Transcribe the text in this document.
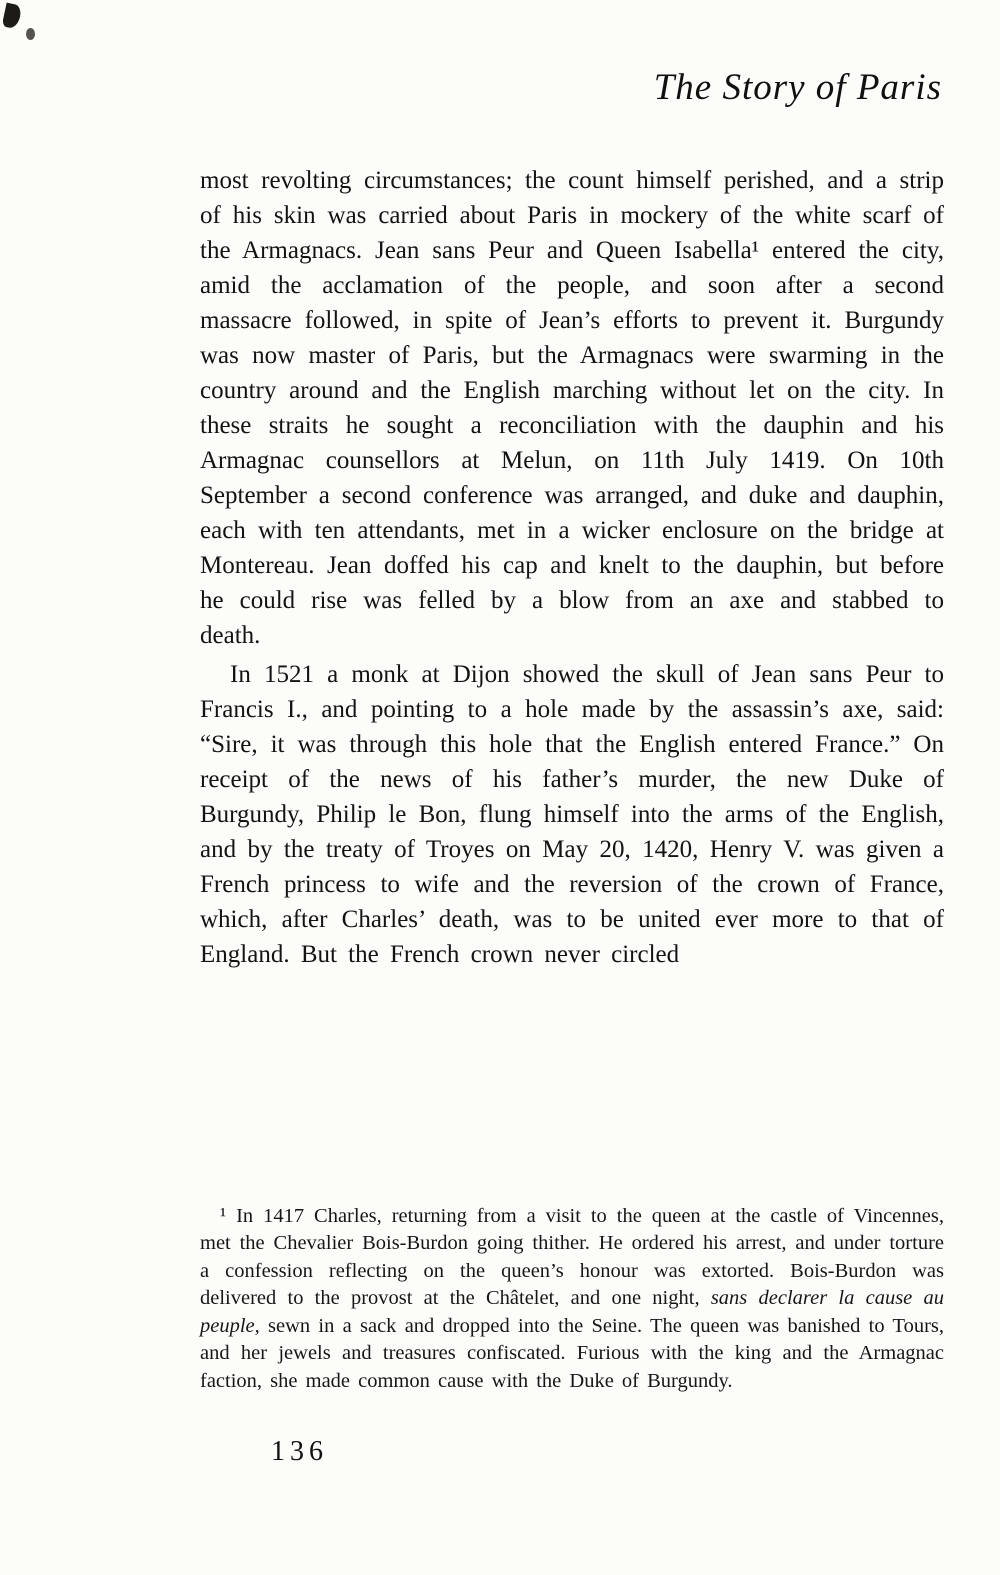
The Story of Paris

most revolting circumstances; the count himself perished, and a strip of his skin was carried about Paris in mockery of the white scarf of the Armagnacs. Jean sans Peur and Queen Isabella¹ entered the city, amid the acclamation of the people, and soon after a second massacre followed, in spite of Jean’s efforts to prevent it. Burgundy was now master of Paris, but the Armagnacs were swarming in the country around and the English marching without let on the city. In these straits he sought a reconciliation with the dauphin and his Armagnac counsellors at Melun, on 11th July 1419. On 10th September a second conference was arranged, and duke and dauphin, each with ten attendants, met in a wicker enclosure on the bridge at Montereau. Jean doffed his cap and knelt to the dauphin, but before he could rise was felled by a blow from an axe and stabbed to death.

In 1521 a monk at Dijon showed the skull of Jean sans Peur to Francis I., and pointing to a hole made by the assassin’s axe, said: “Sire, it was through this hole that the English entered France.” On receipt of the news of his father’s murder, the new Duke of Burgundy, Philip le Bon, flung himself into the arms of the English, and by the treaty of Troyes on May 20, 1420, Henry V. was given a French princess to wife and the reversion of the crown of France, which, after Charles’ death, was to be united ever more to that of England. But the French crown never circled

¹ In 1417 Charles, returning from a visit to the queen at the castle of Vincennes, met the Chevalier Bois-Burdon going thither. He ordered his arrest, and under torture a confession reflecting on the queen’s honour was extorted. Bois-Burdon was delivered to the provost at the Châtelet, and one night, sans declarer la cause au peuple, sewn in a sack and dropped into the Seine. The queen was banished to Tours, and her jewels and treasures confiscated. Furious with the king and the Armagnac faction, she made common cause with the Duke of Burgundy.

136
